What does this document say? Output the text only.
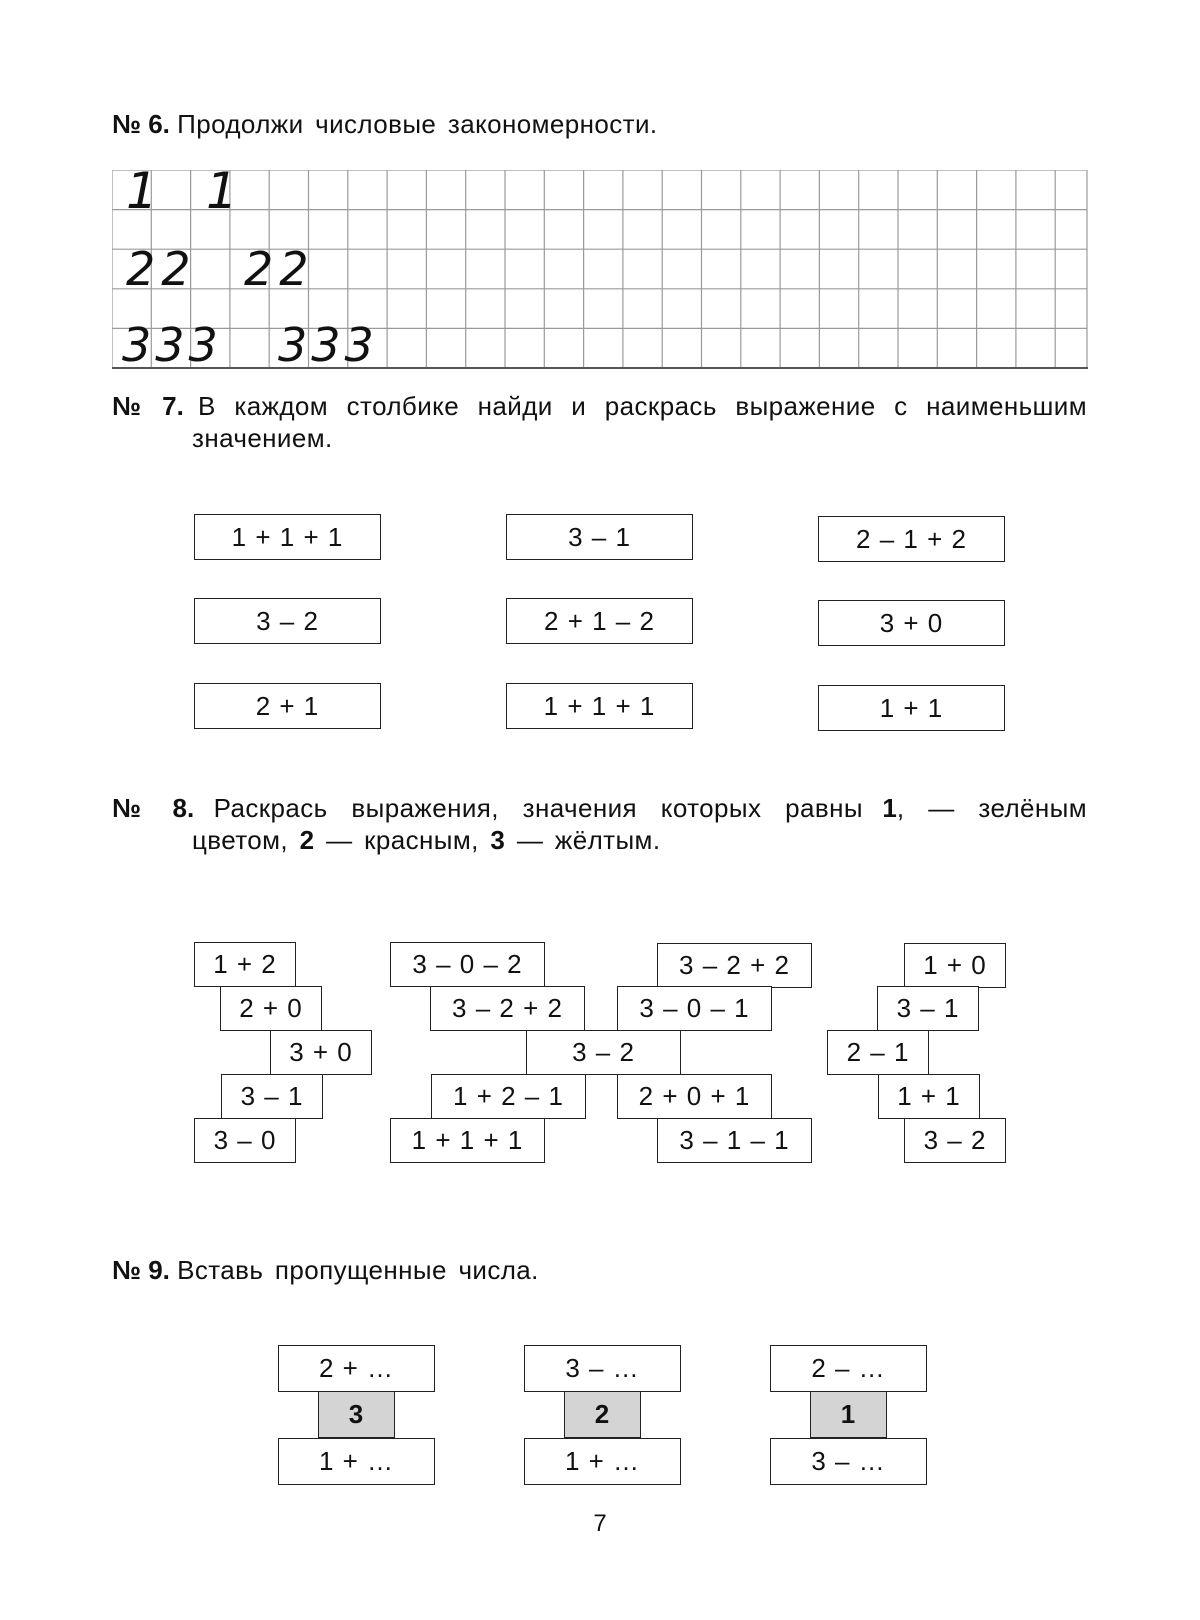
№ 6. Продолжи числовые закономерности.
1 1
22 22
333 333
№ 7. В каждом столбике найди и раскрась выражение с наименьшим
значением.
1 + 1 + 1
3 – 2
2 + 1
3 – 1
2 + 1 – 2
1 + 1 + 1
2 – 1 + 2
3 + 0
1 + 1
№ 8. Раскрась выражения, значения которых равны 1, — зелёным
цветом, 2 — красным, 3 — жёлтым.
1 + 2
2 + 0
3 + 0
3 – 1
3 – 0
3 – 0 – 2	3 – 2 + 2
3 – 2 + 2	3 – 0 – 1
3 – 2
1 + 2 – 1	2 + 0 + 1
1 + 1 + 1	3 – 1 – 1
1 + 0
3 – 1
2 – 1
1 + 1
3 – 2
№ 9. Вставь пропущенные числа.
2 + …
3
1 + …
3 – …
2
1 + …
2 – …
1
3 – …
7
